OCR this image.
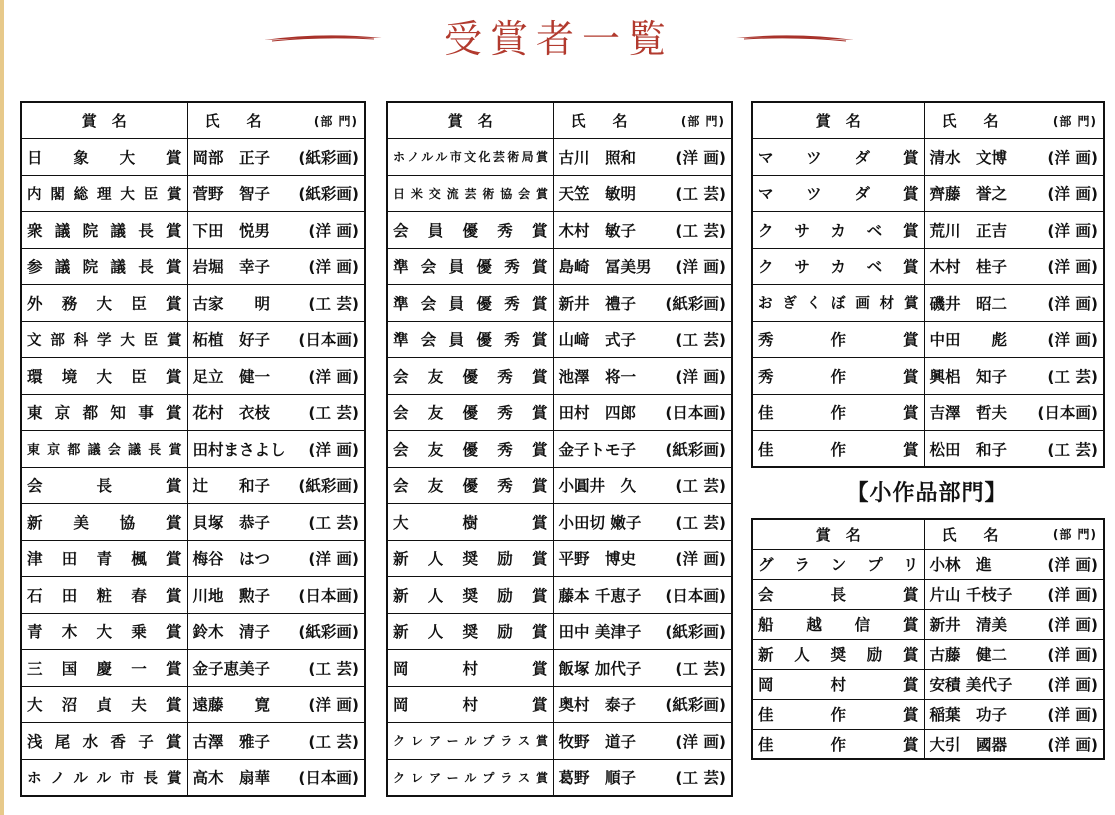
受賞者一覧
賞　名	氏　名 (部 門)

日象大賞	岡部　正子 (紙彩画)

内閣総理大臣賞	菅野　智子 (紙彩画)

衆議院議長賞	下田　悦男 (洋 画)

参議院議長賞	岩堀　幸子 (洋 画)

外務大臣賞	古家　　明 (工 芸)

文部科学大臣賞	柘植　好子 (日本画)

環境大臣賞	足立　健一 (洋 画)

東京都知事賞	花村　衣枝 (工 芸)

東京都議会議長賞	田村まさよし (洋 画)

会長賞	辻　　和子 (紙彩画)

新美協賞	貝塚　恭子 (工 芸)

津田青楓賞	梅谷　はつ (洋 画)

石田粧春賞	川地　勲子 (日本画)

青木大乗賞	鈴木　清子 (紙彩画)

三国慶一賞	金子恵美子 (工 芸)

大沼貞夫賞	遠藤　　寛 (洋 画)

浅尾水香子賞	古澤　雅子 (工 芸)

ホノルル市長賞	高木　扇華 (日本画)
賞　名	氏　名 (部 門)

ホノルル市文化芸術局賞	古川　照和 (洋 画)

日米交流芸術協会賞	天笠　敏明 (工 芸)

会員優秀賞	木村　敏子 (工 芸)

準会員優秀賞	島崎　冨美男 (洋 画)

準会員優秀賞	新井　禮子 (紙彩画)

準会員優秀賞	山﨑　式子 (工 芸)

会友優秀賞	池澤　将一 (洋 画)

会友優秀賞	田村　四郎 (日本画)

会友優秀賞	金子トモ子 (紙彩画)

会友優秀賞	小圓井　久 (工 芸)

大樹賞	小田切 嫩子 (工 芸)

新人奨励賞	平野　博史 (洋 画)

新人奨励賞	藤本 千恵子 (日本画)

新人奨励賞	田中 美津子 (紙彩画)

岡村賞	飯塚 加代子 (工 芸)

岡村賞	奥村　泰子 (紙彩画)

クレアールプラス賞	牧野　道子 (洋 画)

クレアールプラス賞	葛野　順子 (工 芸)
賞　名	氏　名 (部 門)

マツダ賞	清水　文博 (洋 画)

マツダ賞	齊藤　誉之 (洋 画)

クサカベ賞	荒川　正吉 (洋 画)

クサカベ賞	木村　桂子 (洋 画)

おぎくぼ画材賞	磯井　昭二 (洋 画)

秀作賞	中田　　彪 (洋 画)

秀作賞	興梠　知子 (工 芸)

佳作賞	吉澤　哲夫 (日本画)

佳作賞	松田　和子 (工 芸)
【小作品部門】
賞　名	氏　名 (部 門)

グランプリ	小林　進 (洋 画)

会長賞	片山 千枝子 (洋 画)

船越信賞	新井　清美 (洋 画)

新人奨励賞	古藤　健二 (洋 画)

岡村賞	安積 美代子 (洋 画)

佳作賞	稲葉　功子 (洋 画)

佳作賞	大引　國器 (洋 画)
